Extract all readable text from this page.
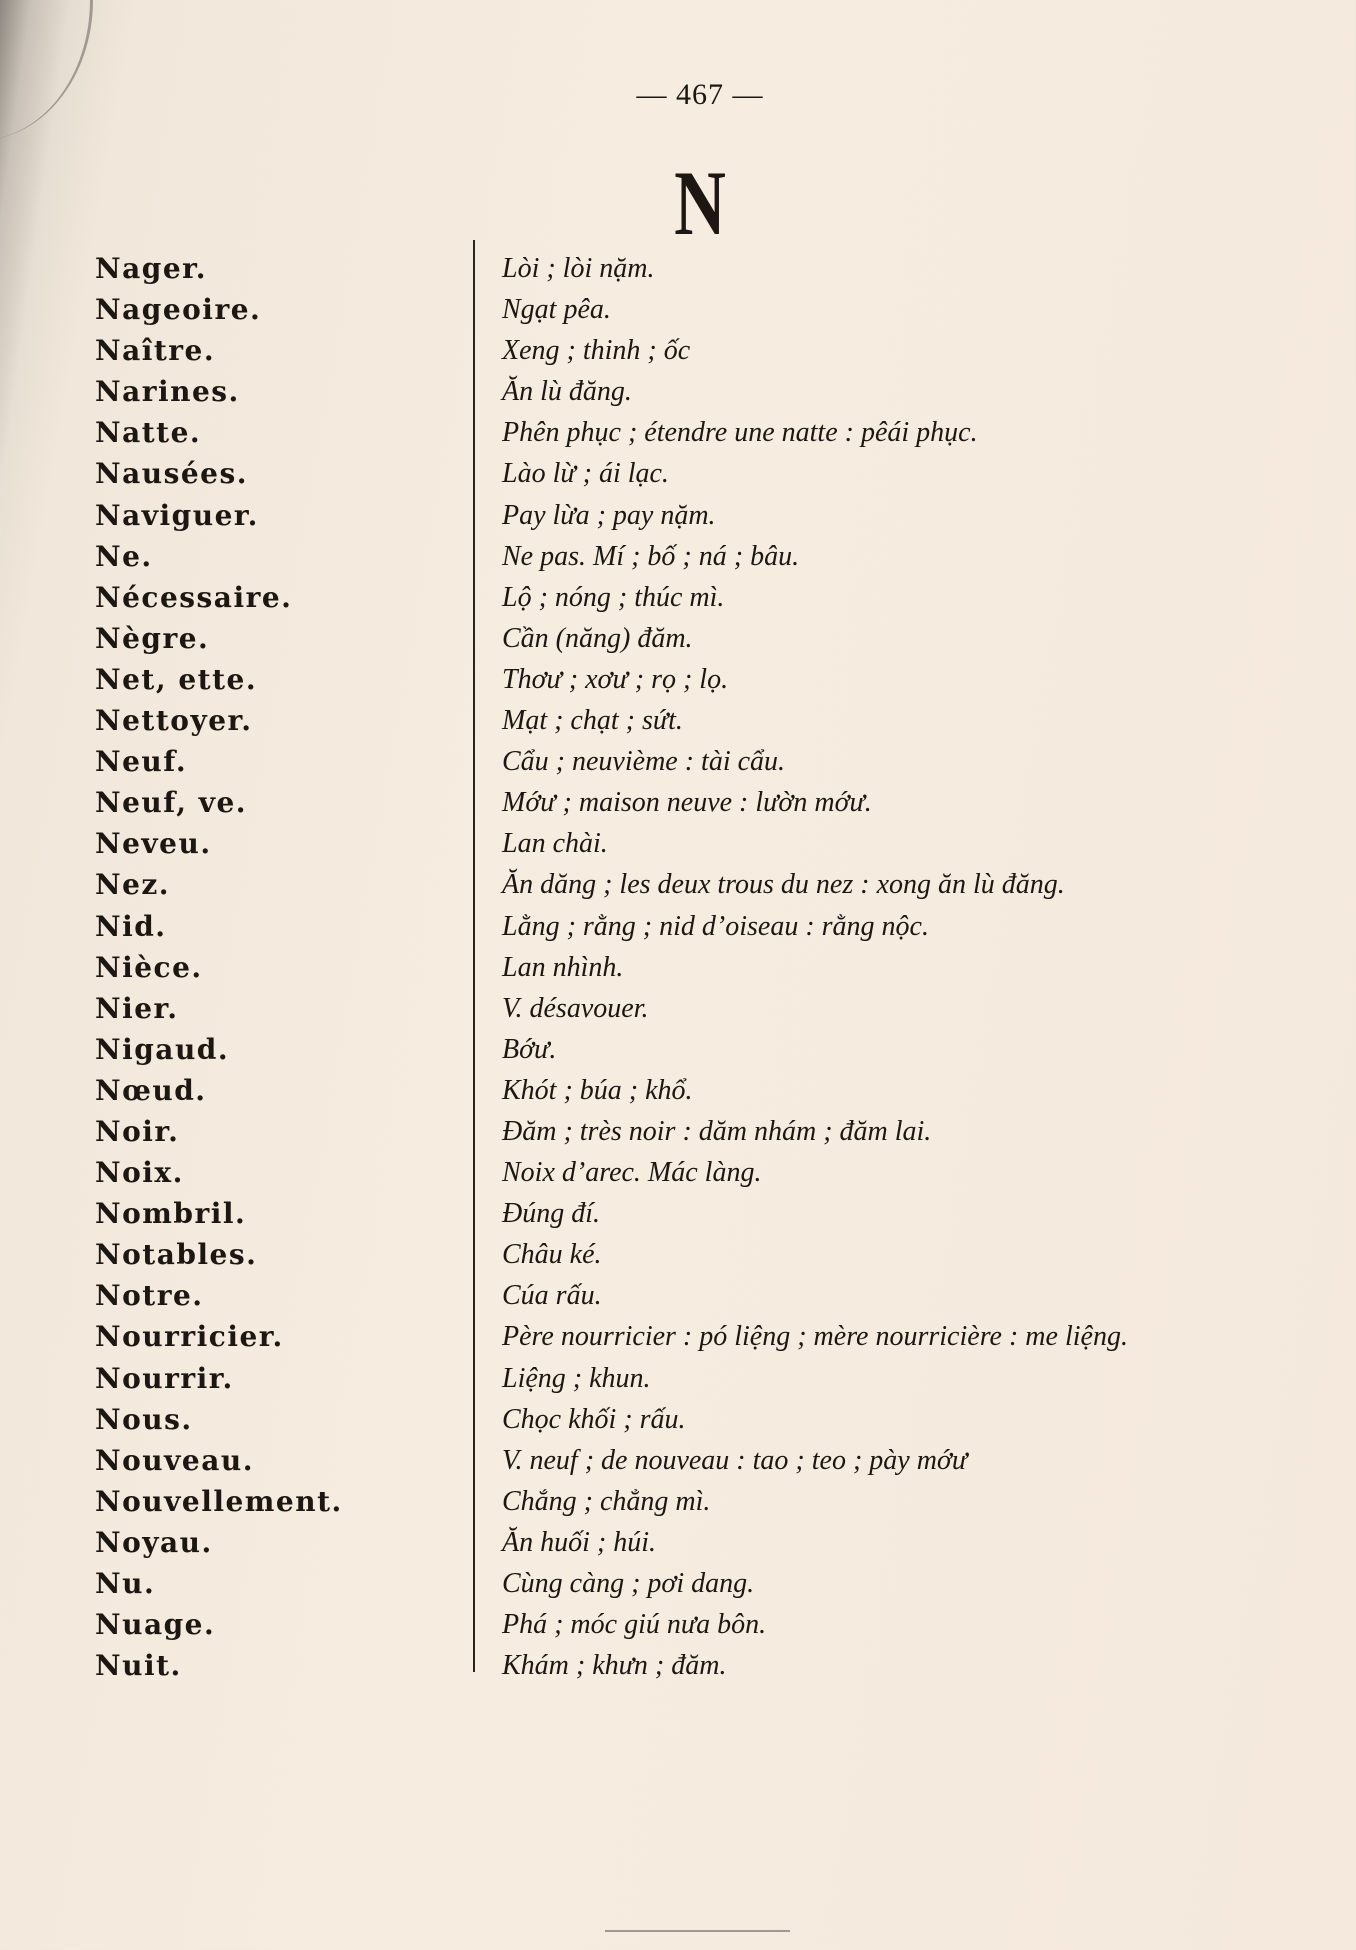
— 467 —
N
Nager.	Lòi ; lòi nặm.
Nageoire.	Ngạt pêa.
Naître.	Xeng ; thinh ; ốc
Narines.	Ăn lù đăng.
Natte.	Phên phục ; étendre une natte : pêái phục.
Nausées.	Lào lừ ; ái lạc.
Naviguer.	Pay lừa ; pay nặm.
Ne.	Ne pas. Mí ; bố ; ná ; bâu.
Nécessaire.	Lộ ; nóng ; thúc mì.
Nègre.	Cần (năng) đăm.
Net, ette.	Thơư ; xơư ; rọ ; lọ.
Nettoyer.	Mạt ; chạt ; sứt.
Neuf.	Cẩu ; neuvième : tài cẩu.
Neuf, ve.	Mớư ; maison neuve : lườn mớư.
Neveu.	Lan chài.
Nez.	Ăn dăng ; les deux trous du nez : xong ăn lù đăng.
Nid.	Lằng ; rằng ; nid d’oiseau : rằng nộc.
Nièce.	Lan nhình.
Nier.	V. désavouer.
Nigaud.	Bớư.
Nœud.	Khót ; búa ; khổ.
Noir.	Đăm ; très noir : dăm nhám ; đăm lai.
Noix.	Noix d’arec. Mác làng.
Nombril.	Đúng đí.
Notables.	Châu ké.
Notre.	Cúa rấu.
Nourricier.	Père nourricier : pó liệng ; mère nourricière : me liệng.
Nourrir.	Liệng ; khun.
Nous.	Chọc khối ; rấu.
Nouveau.	V. neuf ; de nouveau : tao ; teo ; pày mớư
Nouvellement.	Chắng ; chẳng mì.
Noyau.	Ăn huối ; húi.
Nu.	Cùng càng ; pơi dang.
Nuage.	Phá ; móc giú nưa bôn.
Nuit.	Khám ; khưn ; đăm.
